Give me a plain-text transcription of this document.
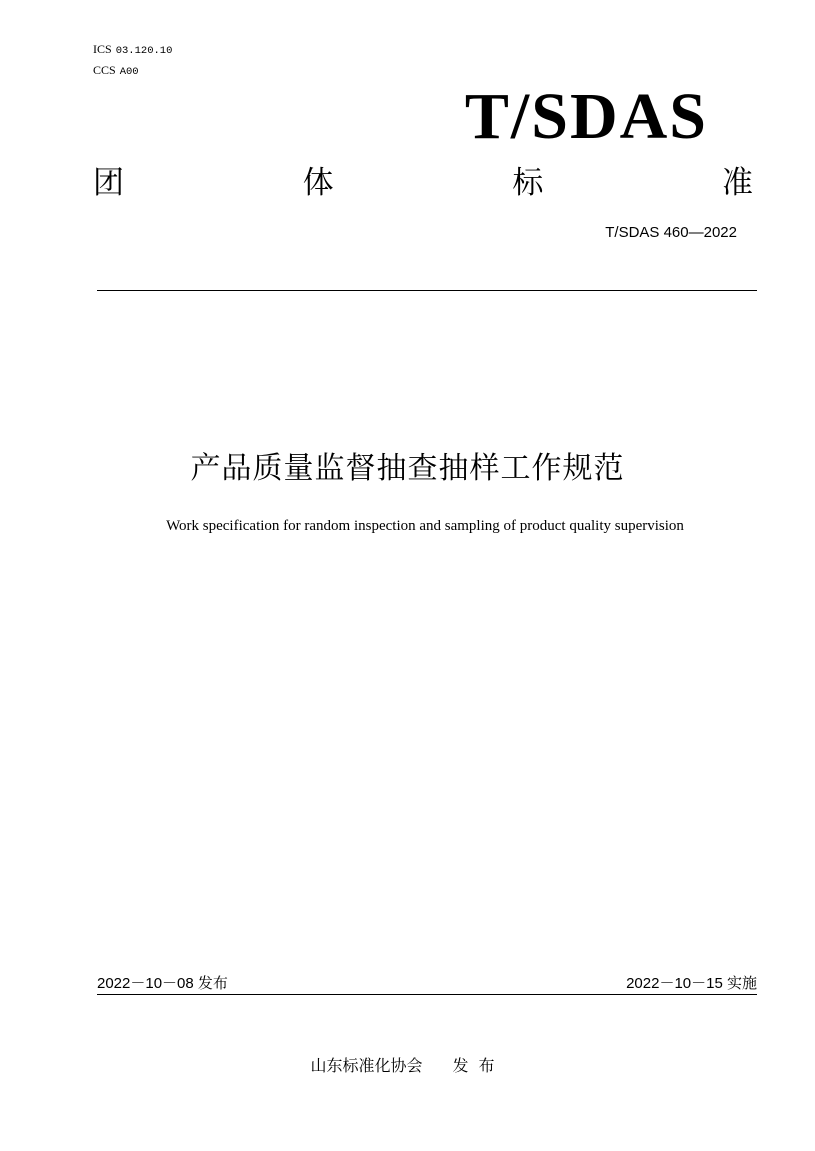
ICS 03.120.10
CCS A00
T/SDAS
团	体	标	准
T/SDAS 460—2022
产品质量监督抽查抽样工作规范
Work specification for random inspection and sampling of product quality supervision
2022－10－08 发布	2022－10－15 实施
山东标准化协会 发布
